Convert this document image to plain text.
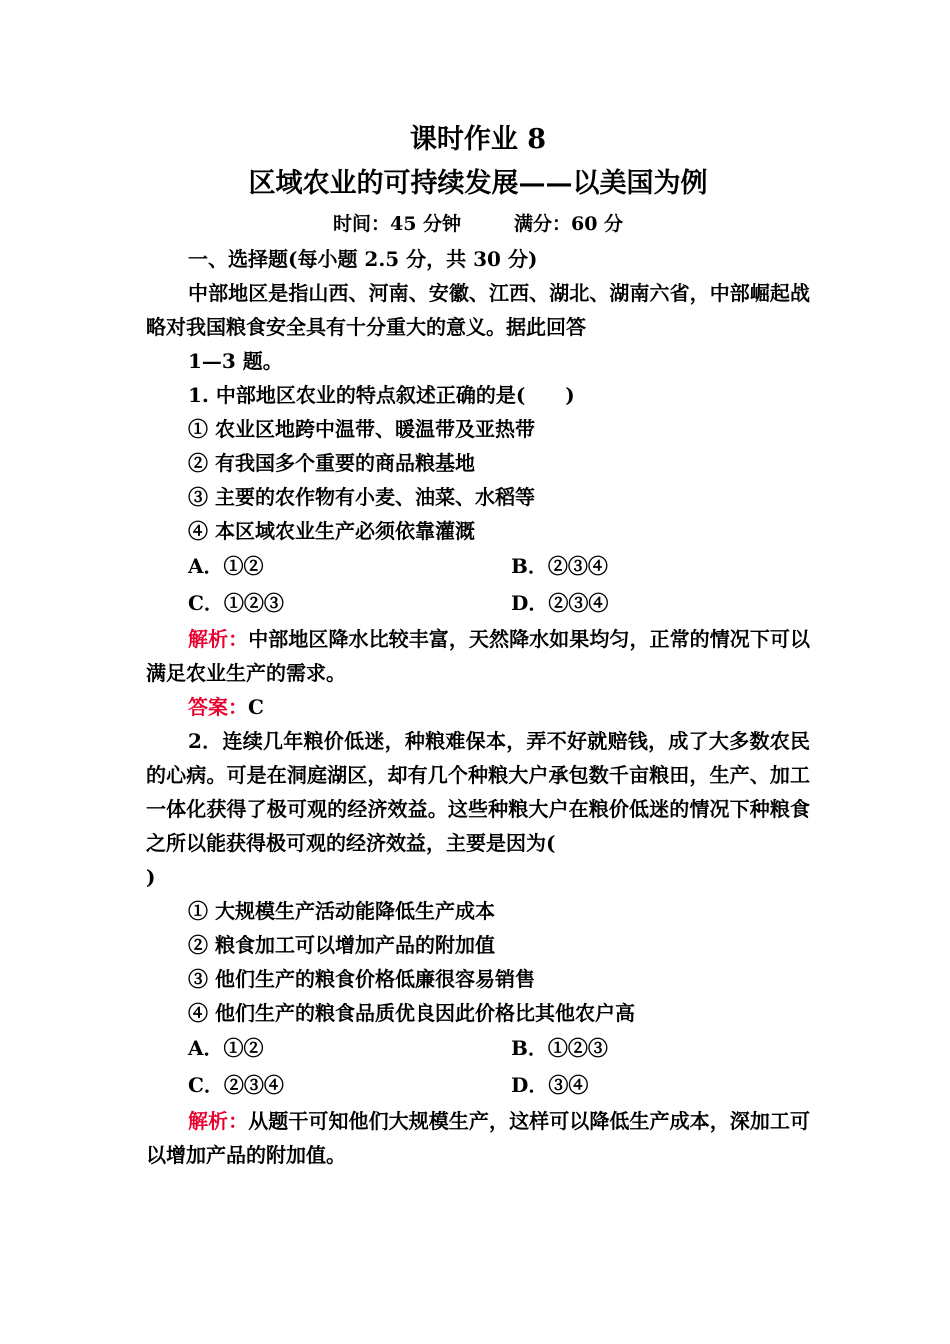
课时作业 8

区域农业的可持续发展——以美国为例

时间：45 分钟	满分：60 分

一、选择题(每小题 2.5 分，共 30 分)

中部地区是指山西、河南、安徽、江西、湖北、湖南六省，中部崛起战略对我国粮食安全具有十分重大的意义。据此回答

1—3 题。

1. 中部地区农业的特点叙述正确的是(　　)

① 农业区地跨中温带、暖温带及亚热带

② 有我国多个重要的商品粮基地

③ 主要的农作物有小麦、油菜、水稻等

④ 本区域农业生产必须依靠灌溉

A．①②	B．②③④
C．①②③	D．②③④

解析：中部地区降水比较丰富，天然降水如果均匀，正常的情况下可以满足农业生产的需求。

答案：C

2．连续几年粮价低迷，种粮难保本，弄不好就赔钱，成了大多数农民的心病。可是在洞庭湖区，却有几个种粮大户承包数千亩粮田，生产、加工一体化获得了极可观的经济效益。这些种粮大户在粮价低迷的情况下种粮食之所以能获得极可观的经济效益，主要是因为(

)

① 大规模生产活动能降低生产成本

② 粮食加工可以增加产品的附加值

③ 他们生产的粮食价格低廉很容易销售

④ 他们生产的粮食品质优良因此价格比其他农户高

A．①②	B．①②③
C．②③④	D．③④

解析：从题干可知他们大规模生产，这样可以降低生产成本，深加工可以增加产品的附加值。
